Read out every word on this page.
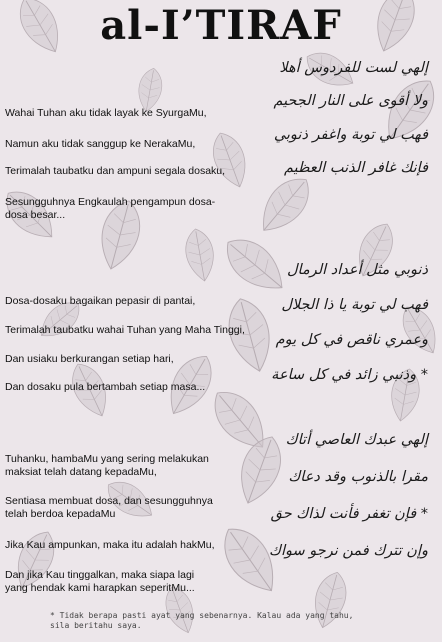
al-I’TIRAF
Wahai Tuhan aku tidak layak ke SyurgaMu,
Namun aku tidak sanggup ke NerakaMu,
Terimalah taubatku dan ampuni segala dosaku,
Sesungguhnya Engkaulah pengampun dosa-
dosa besar...
Dosa-dosaku bagaikan pepasir di pantai,
Terimalah taubatku wahai Tuhan yang Maha Tinggi,
Dan usiaku berkurangan setiap hari,
Dan dosaku pula bertambah setiap masa...
Tuhanku, hambaMu yang sering melakukan
maksiat telah datang kepadaMu,
Sentiasa membuat dosa, dan sesungguhnya
telah berdoa kepadaMu
Jika Kau ampunkan, maka itu adalah hakMu,
Dan jika Kau tinggalkan, maka siapa lagi
yang hendak kami harapkan seperitMu...
إلهي لست للفردوس أهلا
ولا أقوى على النار الجحيم
فهب لي توبة واغفر ذنوبي
فإنك غافر الذنب العظيم
ذنوبي مثل أعداد الرمال
فهب لي توبة يا ذا الجلال
وعمري ناقص في كل يوم
* وذنبي زائد في كل ساعة
إلهي عبدك العاصي أتاك
مقرا بالذنوب وقد دعاك
* فإن تغفر فأنت لذاك حق
وإن تترك فمن نرجو سواك
* Tidak berapa pasti ayat yang sebenarnya. Kalau ada yang tahu,
sila beritahu saya.
